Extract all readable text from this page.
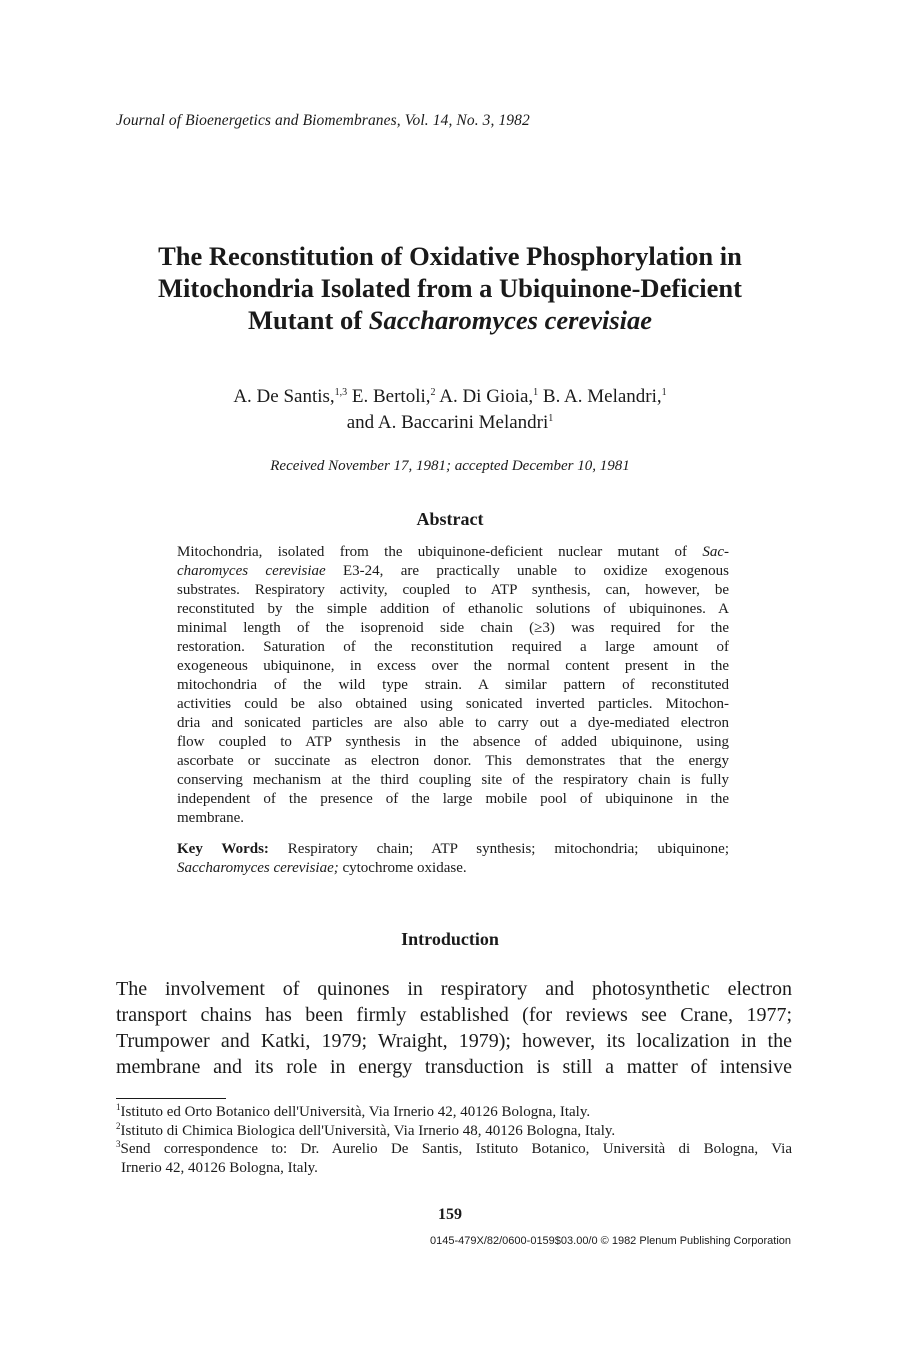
Journal of Bioenergetics and Biomembranes, Vol. 14, No. 3, 1982
The Reconstitution of Oxidative Phosphorylation in
Mitochondria Isolated from a Ubiquinone-Deficient
Mutant of Saccharomyces cerevisiae
A. De Santis,$^{1,3}$ E. Bertoli,$^2$ A. Di Gioia,$^1$ B. A. Melandri,$^1$
and A. Baccarini Melandri$^1$
Received November 17, 1981; accepted December 10, 1981
Abstract
Mitochondria, isolated from the ubiquinone-deficient nuclear mutant of Sac-
charomyces cerevisiae E3-24, are practically unable to oxidize exogenous
substrates. Respiratory activity, coupled to ATP synthesis, can, however, be
reconstituted by the simple addition of ethanolic solutions of ubiquinones. A
minimal length of the isoprenoid side chain (≥3) was required for the
restoration. Saturation of the reconstitution required a large amount of
exogeneous ubiquinone, in excess over the normal content present in the
mitochondria of the wild type strain. A similar pattern of reconstituted
activities could be also obtained using sonicated inverted particles. Mitochon-
dria and sonicated particles are also able to carry out a dye-mediated electron
flow coupled to ATP synthesis in the absence of added ubiquinone, using
ascorbate or succinate as electron donor. This demonstrates that the energy
conserving mechanism at the third coupling site of the respiratory chain is fully
independent of the presence of the large mobile pool of ubiquinone in the
membrane.
Key Words: Respiratory chain; ATP synthesis; mitochondria; ubiquinone;
Saccharomyces cerevisiae; cytochrome oxidase.
Introduction
The involvement of quinones in respiratory and photosynthetic electron
transport chains has been firmly established (for reviews see Crane, 1977;
Trumpower and Katki, 1979; Wraight, 1979); however, its localization in the
membrane and its role in energy transduction is still a matter of intensive
$^1$Istituto ed Orto Botanico dell'Università, Via Irnerio 42, 40126 Bologna, Italy.
$^2$Istituto di Chimica Biologica dell'Università, Via Irnerio 48, 40126 Bologna, Italy.
$^3$Send correspondence to: Dr. Aurelio De Santis, Istituto Botanico, Università di Bologna, Via
Irnerio 42, 40126 Bologna, Italy.
159
0145-479X/82/0600-0159$03.00/0 © 1982 Plenum Publishing Corporation
